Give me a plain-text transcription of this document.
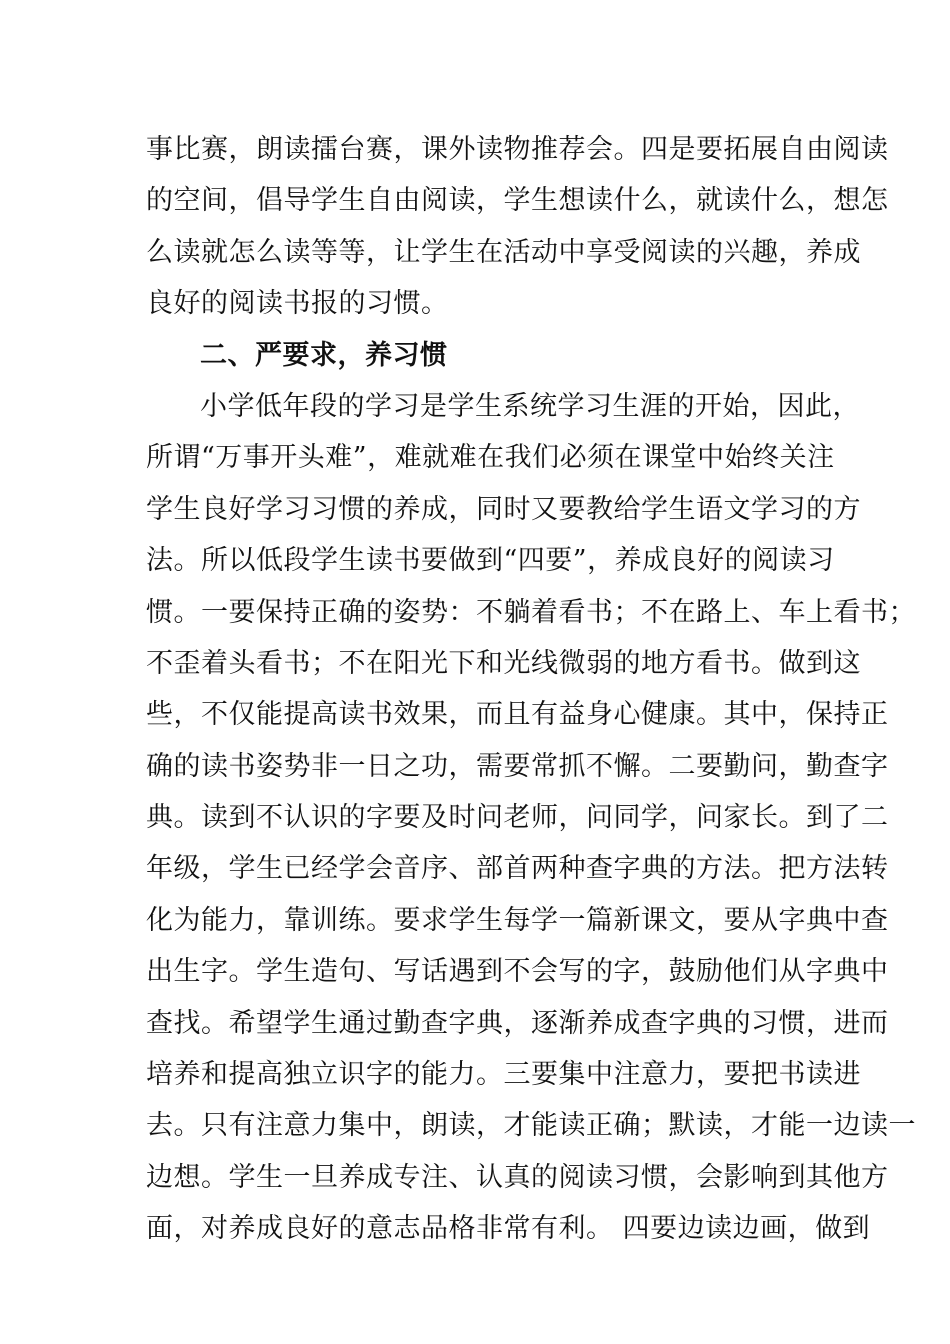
事比赛，朗读擂台赛，课外读物推荐会。四是要拓展自由阅读
的空间，倡导学生自由阅读，学生想读什么，就读什么，想怎
么读就怎么读等等，让学生在活动中享受阅读的兴趣，养成
良好的阅读书报的习惯。
二、严要求，养习惯
小学低年段的学习是学生系统学习生涯的开始，因此，
所谓“万事开头难”，难就难在我们必须在课堂中始终关注
学生良好学习习惯的养成，同时又要教给学生语文学习的方
法。所以低段学生读书要做到“四要”，养成良好的阅读习
惯。一要保持正确的姿势：不躺着看书；不在路上、车上看书；
不歪着头看书；不在阳光下和光线微弱的地方看书。做到这
些，不仅能提高读书效果，而且有益身心健康。其中，保持正
确的读书姿势非一日之功，需要常抓不懈。二要勤问，勤查字
典。读到不认识的字要及时问老师，问同学，问家长。到了二
年级，学生已经学会音序、部首两种查字典的方法。把方法转
化为能力，靠训练。要求学生每学一篇新课文，要从字典中查
出生字。学生造句、写话遇到不会写的字，鼓励他们从字典中
查找。希望学生通过勤查字典，逐渐养成查字典的习惯，进而
培养和提高独立识字的能力。三要集中注意力，要把书读进
去。只有注意力集中，朗读，才能读正确；默读，才能一边读一
边想。学生一旦养成专注、认真的阅读习惯，会影响到其他方
面，对养成良好的意志品格非常有利。 四要边读边画，做到
